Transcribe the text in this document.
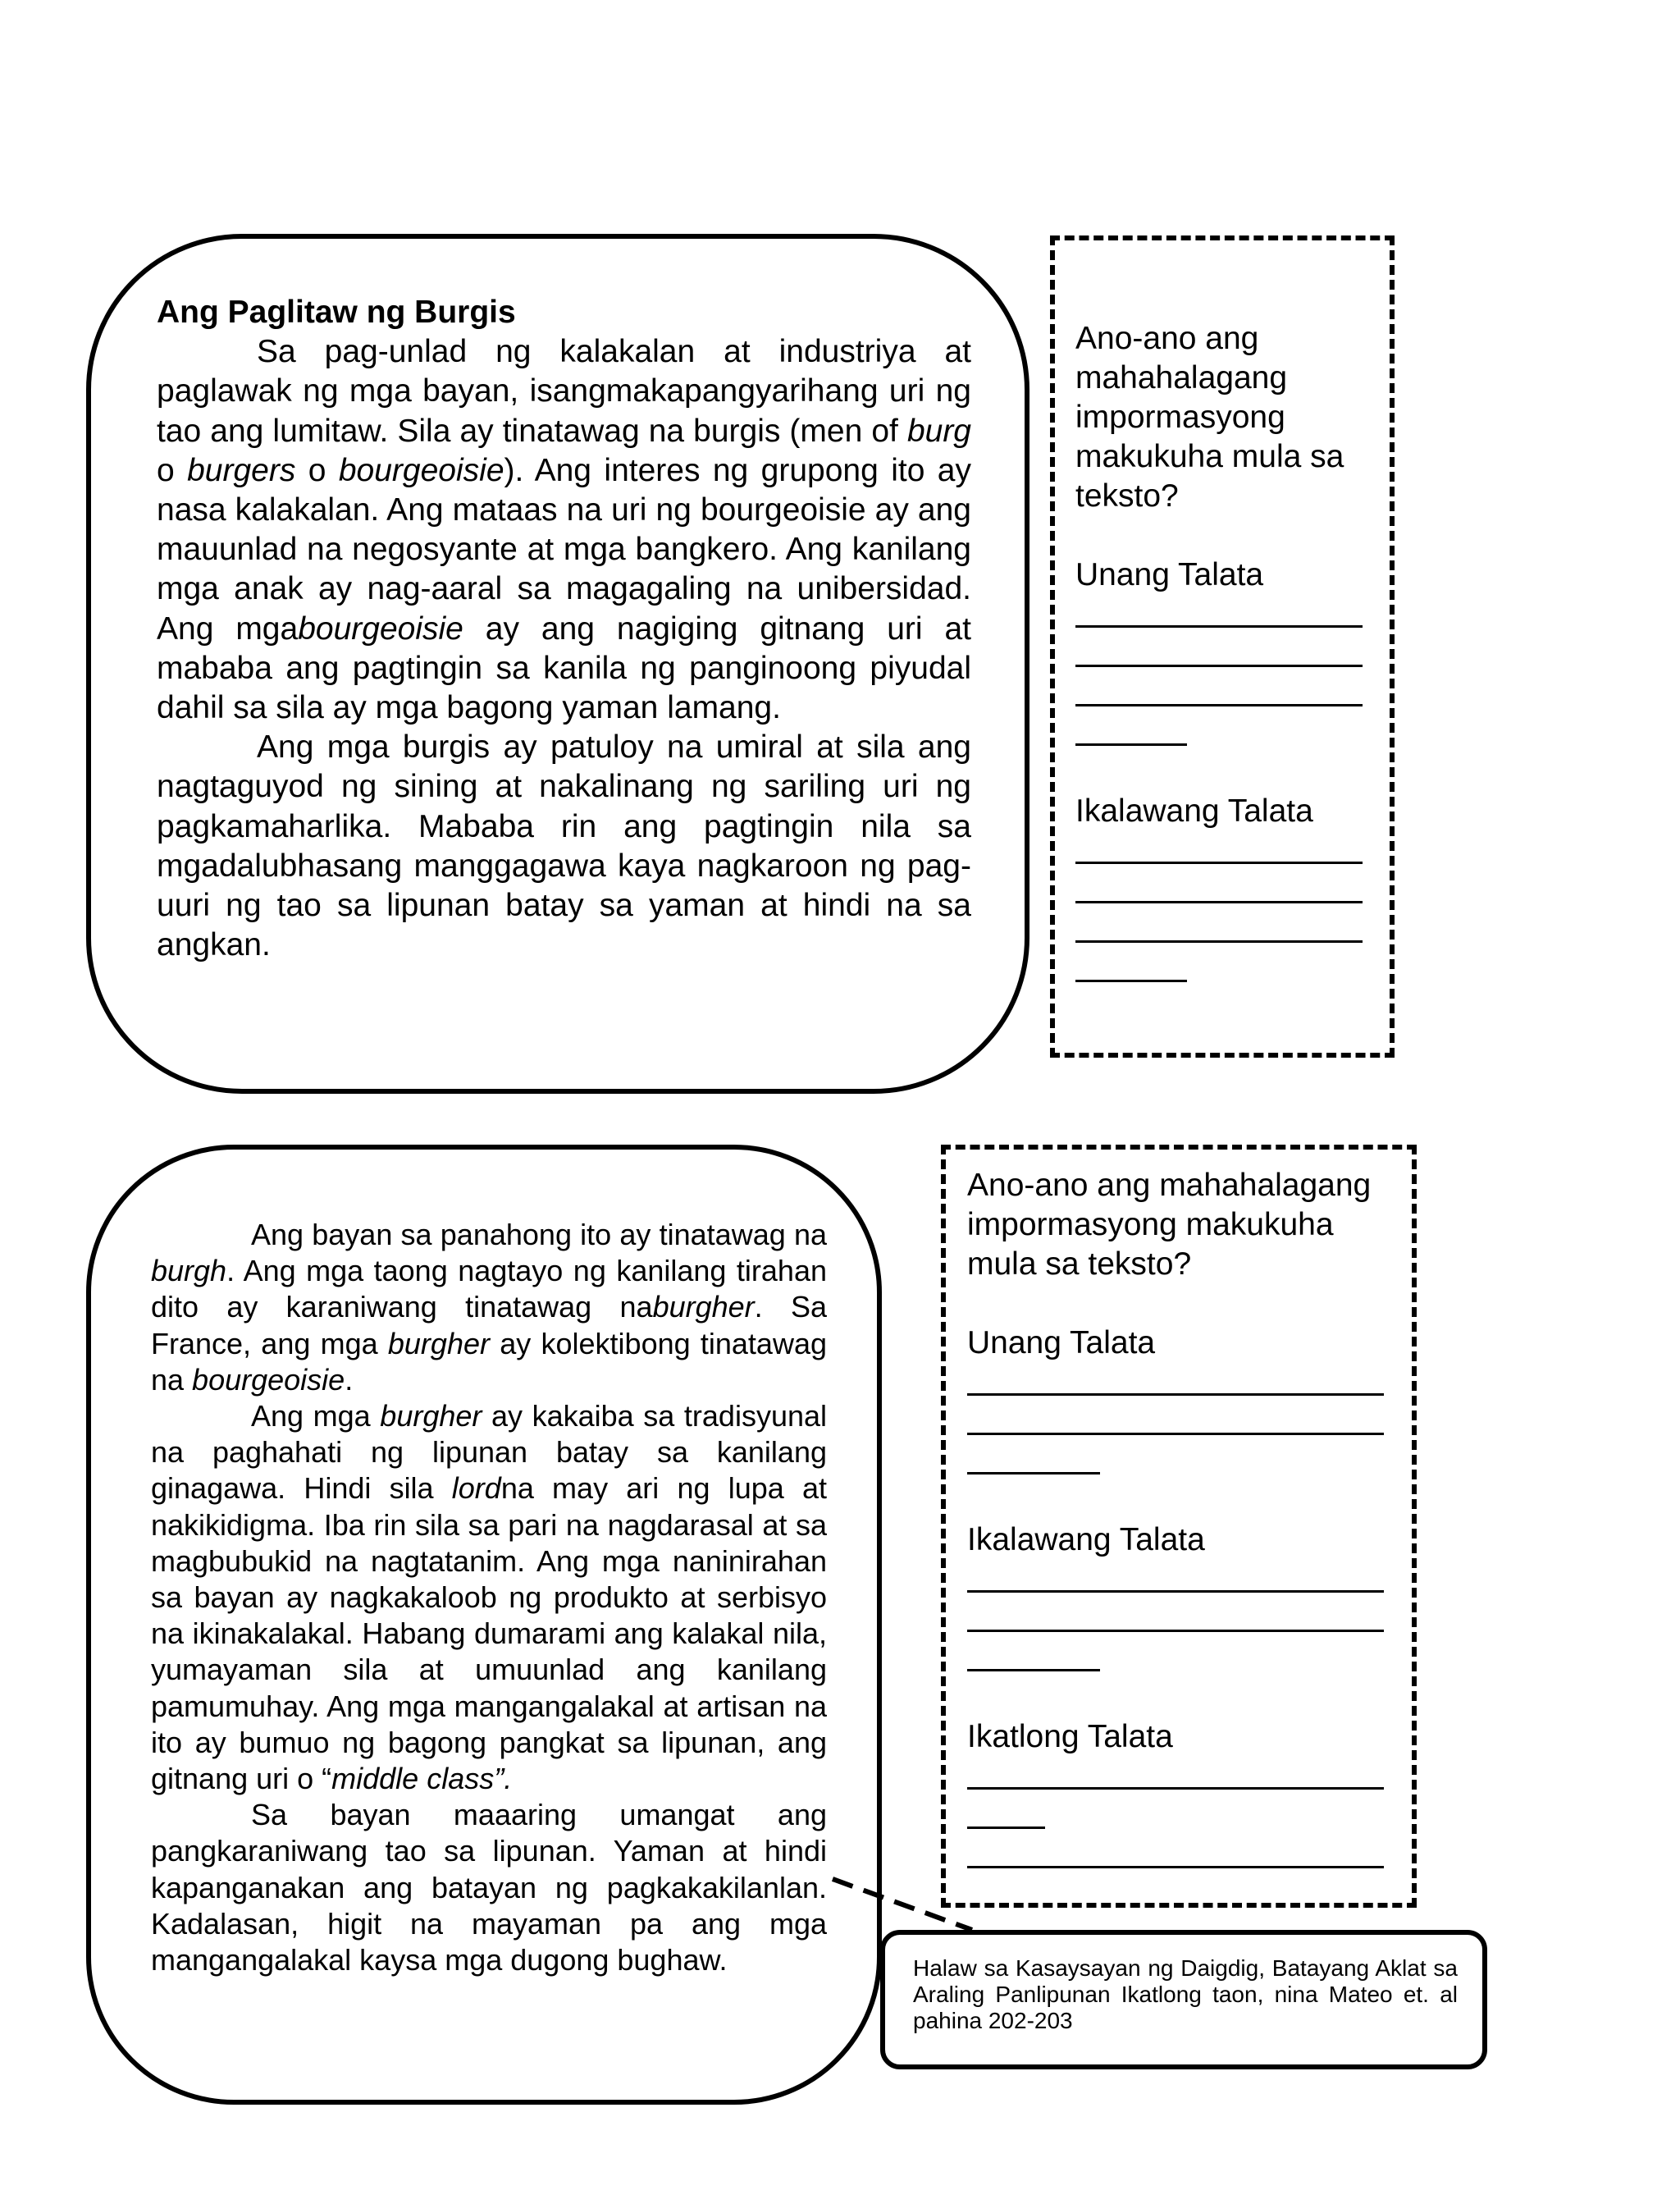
Ang Paglitaw ng Burgis

Sa pag-unlad ng kalakalan at industriya at paglawak ng mga bayan, isangmakapangyarihang uri ng tao ang lumitaw. Sila ay tinatawag na burgis (men of burg o burgers o bourgeoisie). Ang interes ng grupong ito ay nasa kalakalan. Ang mataas na uri ng bourgeoisie ay ang mauunlad na negosyante at mga bangkero. Ang kanilang mga anak ay nag-aaral sa magagaling na unibersidad. Ang mgabourgeoisie ay ang nagiging gitnang uri at mababa ang pagtingin sa kanila ng panginoong piyudal dahil sa sila ay mga bagong yaman lamang.

Ang mga burgis ay patuloy na umiral at sila ang nagtaguyod ng sining at nakalinang ng sariling uri ng pagkamaharlika. Mababa rin ang pagtingin nila sa mgadalubhasang manggagawa kaya nagkaroon ng pag-uuri ng tao sa lipunan batay sa yaman at hindi na sa angkan.

Ano-ano ang mahahalagang impormasyong makukuha mula sa teksto?
Unang Talata
Ikalawang Talata

Ang bayan sa panahong ito ay tinatawag na burgh. Ang mga taong nagtayo ng kanilang tirahan dito ay karaniwang tinatawag naburgher. Sa France, ang mga burgher ay kolektibong tinatawag na bourgeoisie.

Ang mga burgher ay kakaiba sa tradisyunal na paghahati ng lipunan batay sa kanilang ginagawa. Hindi sila lordna may ari ng lupa at nakikidigma. Iba rin sila sa pari na nagdarasal at sa magbubukid na nagtatanim. Ang mga naninirahan sa bayan ay nagkakaloob ng produkto at serbisyo na ikinakalakal. Habang dumarami ang kalakal nila, yumayaman sila at umuunlad ang kanilang pamumuhay. Ang mga mangangalakal at artisan na ito ay bumuo ng bagong pangkat sa lipunan, ang gitnang uri o “middle class”.

Sa bayan maaaring umangat ang pangkaraniwang tao sa lipunan. Yaman at hindi kapanganakan ang batayan ng pagkakakilanlan. Kadalasan, higit na mayaman pa ang mga mangangalakal kaysa mga dugong bughaw.

Ano-ano ang mahahalagang impormasyong makukuha mula sa teksto?
Unang Talata
Ikalawang Talata
Ikatlong Talata

Halaw sa Kasaysayan ng Daigdig, Batayang Aklat sa Araling Panlipunan Ikatlong taon, nina Mateo et. al pahina 202-203
